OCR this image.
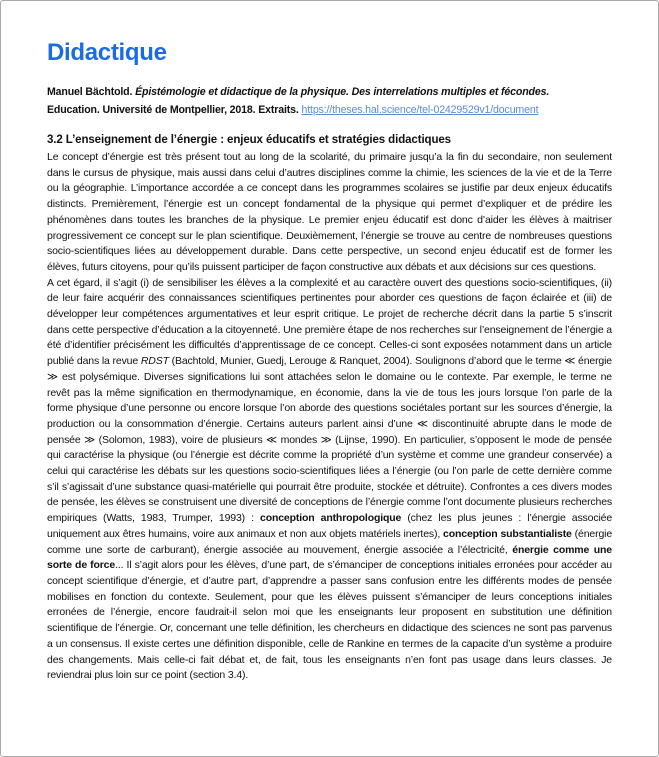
Didactique

Manuel Bächtold. Épistémologie et didactique de la physique. Des interrelations multiples et fécondes.
Education. Université de Montpellier, 2018. Extraits. https://theses.hal.science/tel-02429529v1/document

3.2 L’enseignement de l’énergie : enjeux éducatifs et stratégies didactiques

Le concept d’énergie est très présent tout au long de la scolarité, du primaire jusqu’a la fin du secondaire, non seulement dans le cursus de physique, mais aussi dans celui d’autres disciplines comme la chimie, les sciences de la vie et de la Terre ou la géographie. L’importance accordée a ce concept dans les programmes scolaires se justifie par deux enjeux éducatifs distincts. Premièrement, l’énergie est un concept fondamental de la physique qui permet d’expliquer et de prédire les phénomènes dans toutes les branches de la physique. Le premier enjeu éducatif est donc d’aider les élèves à maitriser progressivement ce concept sur le plan scientifique. Deuxièmement, l’énergie se trouve au centre de nombreuses questions socio-scientifiques liées au développement durable. Dans cette perspective, un second enjeu éducatif est de former les élèves, futurs citoyens, pour qu’ils puissent participer de façon constructive aux débats et aux décisions sur ces questions.

A cet égard, il s’agit (i) de sensibiliser les élèves a la complexité et au caractère ouvert des questions socio-scientifiques, (ii) de leur faire acquérir des connaissances scientifiques pertinentes pour aborder ces questions de façon éclairée et (iii) de développer leur compétences argumentatives et leur esprit critique. Le projet de recherche décrit dans la partie 5 s’inscrit dans cette perspective d’éducation a la citoyenneté. Une première étape de nos recherches sur l’enseignement de l’énergie a été d’identifier précisément les difficultés d’apprentissage de ce concept. Celles-ci sont exposées notamment dans un article publié dans la revue RDST (Bachtold, Munier, Guedj, Lerouge & Ranquet, 2004). Soulignons d’abord que le terme ≪ énergie ≫ est polysémique. Diverses significations lui sont attachées selon le domaine ou le contexte. Par exemple, le terme ne revêt pas la même signification en thermodynamique, en économie, dans la vie de tous les jours lorsque l’on parle de la forme physique d’une personne ou encore lorsque l’on aborde des questions sociétales portant sur les sources d’énergie, la production ou la consommation d’énergie. Certains auteurs parlent ainsi d’une ≪ discontinuité abrupte dans le mode de pensée ≫ (Solomon, 1983), voire de plusieurs ≪ mondes ≫ (Lijnse, 1990). En particulier, s’opposent le mode de pensée qui caractérise la physique (ou l’énergie est décrite comme la propriété d’un système et comme une grandeur conservée) a celui qui caractérise les débats sur les questions socio-scientifiques liées a l’énergie (ou l’on parle de cette dernière comme s’il s’agissait d’une substance quasi-matérielle qui pourrait être produite, stockée et détruite). Confrontes a ces divers modes de pensée, les élèves se construisent une diversité de conceptions de l’énergie comme l’ont documente plusieurs recherches empiriques (Watts, 1983, Trumper, 1993) : conception anthropologique (chez les plus jeunes : l’énergie associée uniquement aux êtres humains, voire aux animaux et non aux objets matériels inertes), conception substantialiste (énergie comme une sorte de carburant), énergie associée au mouvement, énergie associée a l’électricité, énergie comme une sorte de force... Il s’agit alors pour les élèves, d’une part, de s’émanciper de conceptions initiales erronées pour accéder au concept scientifique d’énergie, et d’autre part, d’apprendre a passer sans confusion entre les différents modes de pensée mobilises en fonction du contexte. Seulement, pour que les élèves puissent s’émanciper de leurs conceptions initiales erronées de l’énergie, encore faudrait-il selon moi que les enseignants leur proposent en substitution une définition scientifique de l’énergie. Or, concernant une telle définition, les chercheurs en didactique des sciences ne sont pas parvenus a un consensus. Il existe certes une définition disponible, celle de Rankine en termes de la capacite d’un système a produire des changements. Mais celle-ci fait débat et, de fait, tous les enseignants n’en font pas usage dans leurs classes. Je reviendrai plus loin sur ce point (section 3.4).
